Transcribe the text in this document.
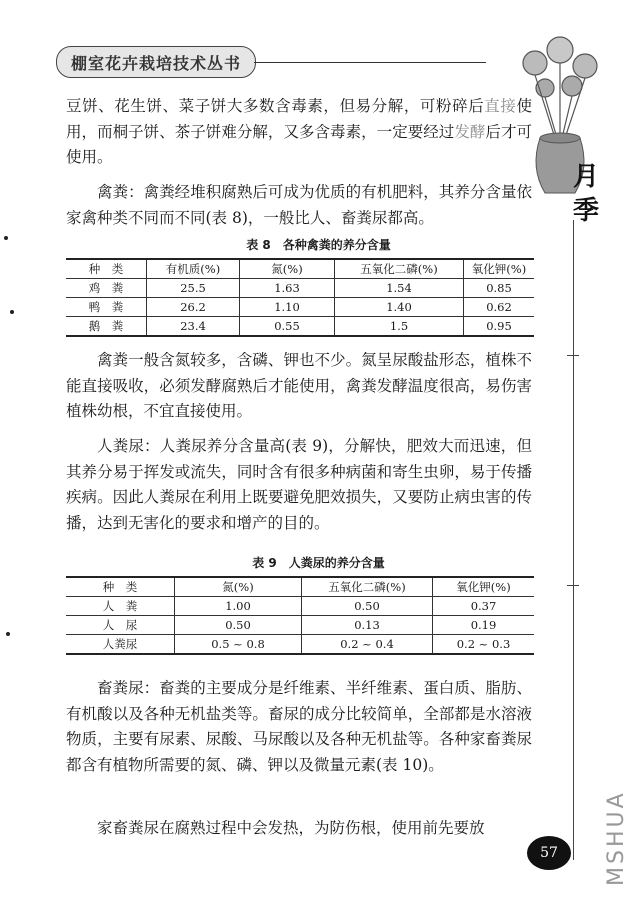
棚室花卉栽培技术丛书
月季

豆饼、花生饼、菜子饼大多数含毒素，但易分解，可粉碎后直接使用，而桐子饼、茶子饼难分解，又多含毒素，一定要经过发酵后才可使用。

禽粪：禽粪经堆积腐熟后可成为优质的有机肥料，其养分含量依家禽种类不同而不同(表 8)，一般比人、畜粪尿都高。

表 8　各种禽粪的养分含量
种　类	有机质(%)	氮(%)	五氧化二磷(%)	氧化钾(%)
鸡　粪	25.5	1.63	1.54	0.85
鸭　粪	26.2	1.10	1.40	0.62
鹅　粪	23.4	0.55	1.5	0.95

禽粪一般含氮较多，含磷、钾也不少。氮呈尿酸盐形态，植株不能直接吸收，必须发酵腐熟后才能使用，禽粪发酵温度很高，易伤害植株幼根，不宜直接使用。

人粪尿：人粪尿养分含量高(表 9)，分解快，肥效大而迅速，但其养分易于挥发或流失，同时含有很多种病菌和寄生虫卵，易于传播疾病。因此人粪尿在利用上既要避免肥效损失，又要防止病虫害的传播，达到无害化的要求和增产的目的。

表 9　人粪尿的养分含量
种　类	氮(%)	五氧化二磷(%)	氧化钾(%)
人　粪	1.00	0.50	0.37
人　尿	0.50	0.13	0.19
人粪尿	0.5 ~ 0.8	0.2 ~ 0.4	0.2 ~ 0.3

畜粪尿：畜粪的主要成分是纤维素、半纤维素、蛋白质、脂肪、有机酸以及各种无机盐类等。畜尿的成分比较简单，全部都是水溶液物质，主要有尿素、尿酸、马尿酸以及各种无机盐等。各种家畜粪尿都含有植物所需要的氮、磷、钾以及微量元素(表 10)。

家畜粪尿在腐熟过程中会发热，为防伤根，使用前先要放

57	MSHUA
